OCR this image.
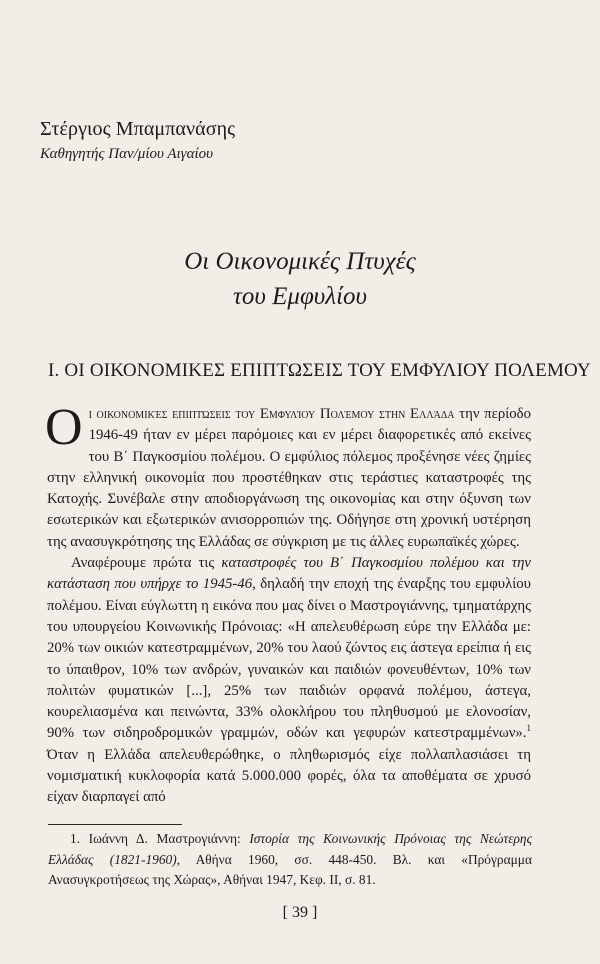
Στέργιος Μπαμπανάσης
Καθηγητής Παν/μίου Αιγαίου
Οι Οικονομικές Πτυχές
του Εμφυλίου
I. ΟΙ ΟΙΚΟΝΟΜΙΚΕΣ ΕΠΙΠΤΩΣΕΙΣ ΤΟΥ ΕΜΦΥΛΙΟΥ ΠΟΛΕΜΟΥ

Οι οικονομικές επιπτώσεις του Εμφυλίου Πολέμου στην Ελλάδα την περίοδο 1946-49 ήταν εν μέρει παρόμοιες και εν μέρει διαφορετικές από εκείνες του Β΄ Παγκοσμίου πολέμου. Ο εμφύλιος πόλεμος προξένησε νέες ζημίες στην ελληνική οικονομία που προστέθηκαν στις τεράστιες καταστροφές της Κατοχής. Συνέβαλε στην αποδιοργάνωση της οικονομίας και στην όξυνση των εσωτερικών και εξωτερικών ανισορροπιών της. Οδήγησε στη χρονική υστέρηση της ανασυγκρότησης της Ελλάδας σε σύγκριση με τις άλλες ευρωπαϊκές χώρες.

Αναφέρουμε πρώτα τις καταστροφές του Β΄ Παγκοσμίου πολέμου και την κατάσταση που υπήρχε το 1945-46, δηλαδή την εποχή της έναρξης του εμφυλίου πολέμου. Είναι εύγλωττη η εικόνα που μας δίνει ο Μαστρογιάννης, τμηματάρχης του υπουργείου Κοινωνικής Πρόνοιας: «Η απελευθέρωση εύρε την Ελλάδα με: 20% των οικιών κατεστραμμένων, 20% του λαού ζώντος εις άστεγα ερείπια ή εις το ύπαιθρον, 10% των ανδρών, γυναικών και παιδιών φονευθέντων, 10% των πολιτών φυματικών [...], 25% των παιδιών ορφανά πολέμου, άστεγα, κουρελιασμένα και πεινώντα, 33% ολοκλήρου του πληθυσμού με ελονοσίαν, 90% των σιδηροδρομικών γραμμών, οδών και γεφυρών κατεστραμμένων».$^1$ Όταν η Ελλάδα απελευθερώθηκε, ο πληθωρισμός είχε πολλαπλασιάσει τη νομισματική κυκλοφορία κατά 5.000.000 φορές, όλα τα αποθέματα σε χρυσό είχαν διαρπαγεί από

1. Ιωάννη Δ. Μαστρογιάννη: Ιστορία της Κοινωνικής Πρόνοιας της Νεώτερης Ελλάδας (1821-1960), Αθήνα 1960, σσ. 448-450. Βλ. και «Πρόγραμμα Ανασυγκροτήσεως της Χώρας», Αθήναι 1947, Κεφ. ΙΙ, σ. 81.

[ 39 ]
